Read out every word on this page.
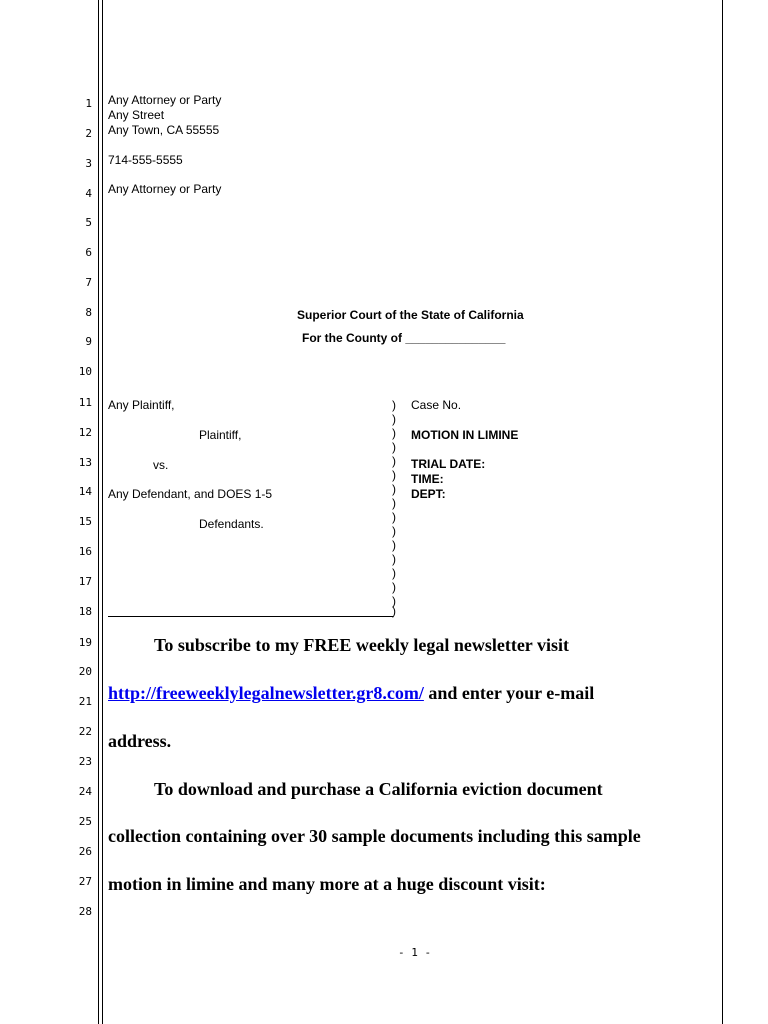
1
2
3
4
5
6
7
8
9
10
11
12
13
14
15
16
17
18
19
20
21
22
23
24
25
26
27
28
Any Attorney or Party
Any Street
Any Town, CA 55555
714-555-5555
Any Attorney or Party
Superior Court of the State of California
For the County of _______________
Any Plaintiff,
Plaintiff,
vs.
Any Defendant, and DOES 1-5
Defendants.
)
)
)
)
)
)
)
)
)
)
)
)
)
)
)
)
Case No.
MOTION IN LIMINE
TRIAL DATE:
TIME:
DEPT:
To subscribe to my FREE weekly legal newsletter visit
http://freeweeklylegalnewsletter.gr8.com/ and enter your e-mail
address.
To download and purchase a California eviction document
collection containing over 30 sample documents including this sample
motion in limine and many more at a huge discount visit:
- 1 -
